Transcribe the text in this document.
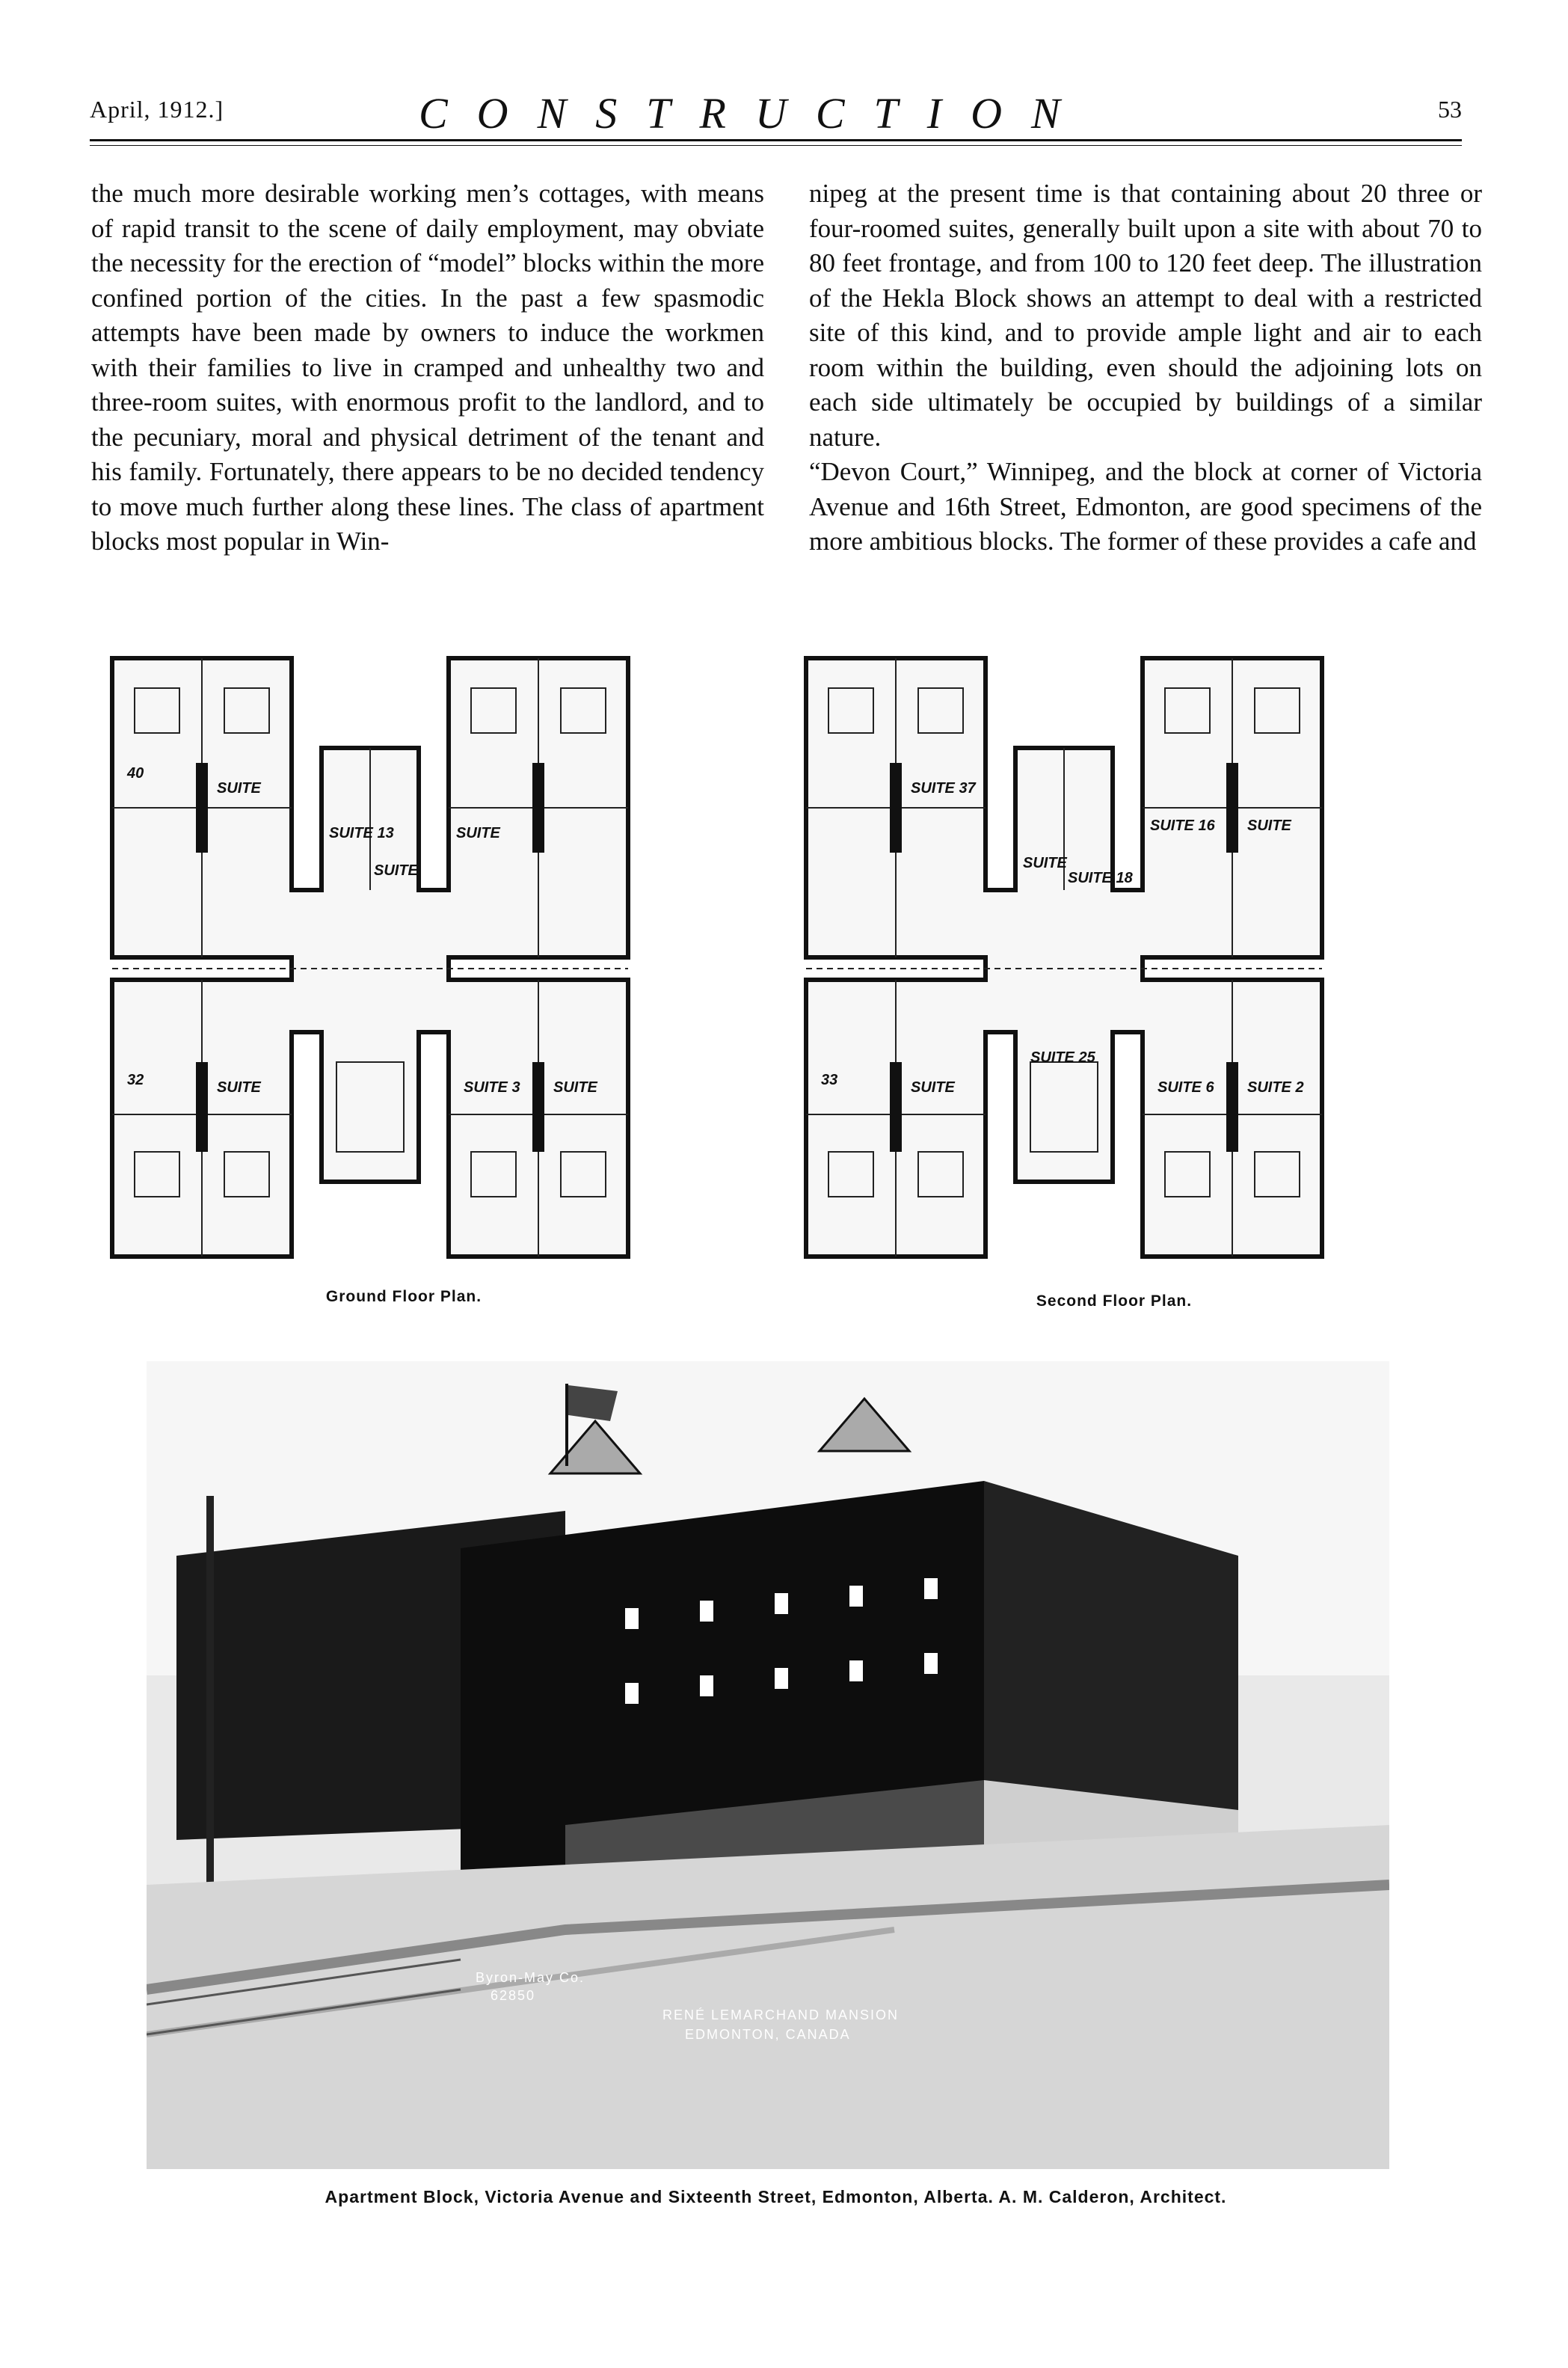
April, 1912.]	CONSTRUCTION	53

the much more desirable working men’s cottages, with means of rapid transit to the scene of daily employment, may obviate the necessity for the erection of “model” blocks within the more confined portion of the cities. In the past a few spasmodic attempts have been made by owners to induce the workmen with their families to live in cramped and unhealthy two and three-room suites, with enormous profit to the landlord, and to the pecuniary, moral and physical detriment of the tenant and his family. Fortunately, there appears to be no decided tendency to move much further along these lines. The class of apartment blocks most popular in Win-

nipeg at the present time is that containing about 20 three or four-roomed suites, generally built upon a site with about 70 to 80 feet frontage, and from 100 to 120 feet deep. The illustration of the Hekla Block shows an attempt to deal with a restricted site of this kind, and to provide ample light and air to each room within the building, even should the adjoining lots on each side ultimately be occupied by buildings of a similar nature.
“Devon Court,” Winnipeg, and the block at corner of Victoria Avenue and 16th Street, Edmonton, are good specimens of the more ambitious blocks. The former of these provides a cafe and
SUITE
SUITE 13	SUITE
SUITE
SUITE	SUITE 3 SUITE
40
32
Ground Floor Plan.
SUITE 37
SUITE 16 SUITE
SUITE
SUITE 18
SUITE	SUITE 6 SUITE 2
SUITE 25
33
Second Floor Plan.
Byron-May Co.
62850
RENÉ LEMARCHAND MANSION
EDMONTON, CANADA
Apartment Block, Victoria Avenue and Sixteenth Street, Edmonton, Alberta. A. M. Calderon, Architect.
